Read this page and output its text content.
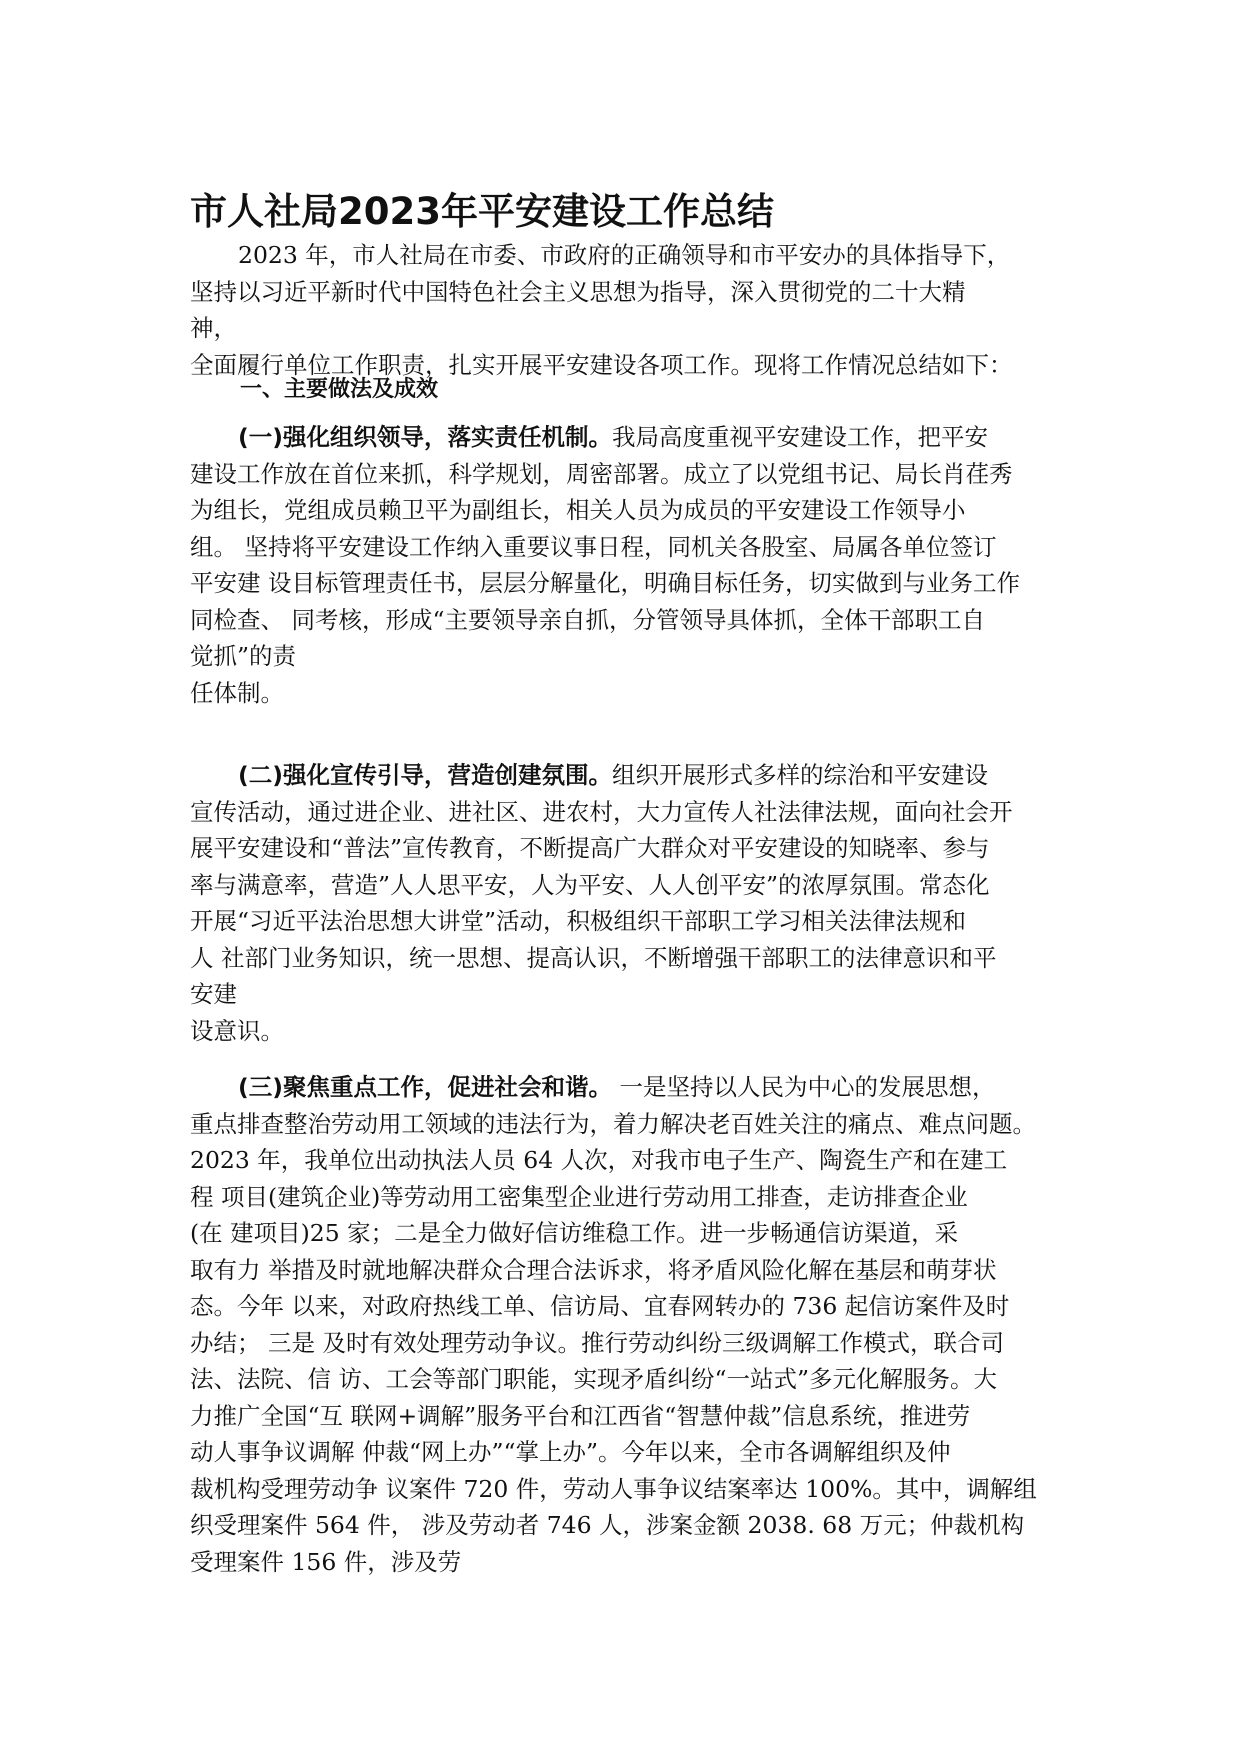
市人社局2023年平安建设工作总结
2023 年，市人社局在市委、市政府的正确领导和市平安办的具体指导下，
坚持以习近平新时代中国特色社会主义思想为指导，深入贯彻党的二十大精
神，
全面履行单位工作职责，扎实开展平安建设各项工作。现将工作情况总结如下：
一、主要做法及成效
(一)强化组织领导，落实责任机制。我局高度重视平安建设工作，把平安
建设工作放在首位来抓，科学规划，周密部署。成立了以党组书记、局长肖荏秀
为组长，党组成员赖卫平为副组长，相关人员为成员的平安建设工作领导小
组。 坚持将平安建设工作纳入重要议事日程，同机关各股室、局属各单位签订
平安建 设目标管理责任书，层层分解量化，明确目标任务，切实做到与业务工作
同检查、 同考核，形成“主要领导亲自抓，分管领导具体抓，全体干部职工自
觉抓”的责
任体制。
(二)强化宣传引导，营造创建氛围。组织开展形式多样的综治和平安建设
宣传活动，通过进企业、进社区、进农村，大力宣传人社法律法规，面向社会开
展平安建设和“普法”宣传教育，不断提高广大群众对平安建设的知晓率、参与
率与满意率，营造”人人思平安，人为平安、人人创平安”的浓厚氛围。常态化
开展“习近平法治思想大讲堂”活动，积极组织干部职工学习相关法律法规和
人 社部门业务知识，统一思想、提高认识，不断增强干部职工的法律意识和平
安建
设意识。
(三)聚焦重点工作，促进社会和谐。 一是坚持以人民为中心的发展思想，
重点排查整治劳动用工领域的违法行为，着力解决老百姓关注的痛点、难点问题。
2023 年，我单位出动执法人员 64 人次，对我市电子生产、陶瓷生产和在建工
程 项目(建筑企业)等劳动用工密集型企业进行劳动用工排查，走访排查企业
(在 建项目)25 家；二是全力做好信访维稳工作。进一步畅通信访渠道，采
取有力 举措及时就地解决群众合理合法诉求，将矛盾风险化解在基层和萌芽状
态。今年 以来，对政府热线工单、信访局、宜春网转办的 736 起信访案件及时
办结； 三是 及时有效处理劳动争议。推行劳动纠纷三级调解工作模式，联合司
法、法院、信 访、工会等部门职能，实现矛盾纠纷“一站式”多元化解服务。大
力推广全国“互 联网+调解”服务平台和江西省“智慧仲裁”信息系统，推进劳
动人事争议调解 仲裁“网上办”“掌上办”。今年以来，全市各调解组织及仲
裁机构受理劳动争 议案件 720 件，劳动人事争议结案率达 100%。其中，调解组
织受理案件 564 件， 涉及劳动者 746 人，涉案金额 2038. 68 万元；仲裁机构
受理案件 156 件，涉及劳
